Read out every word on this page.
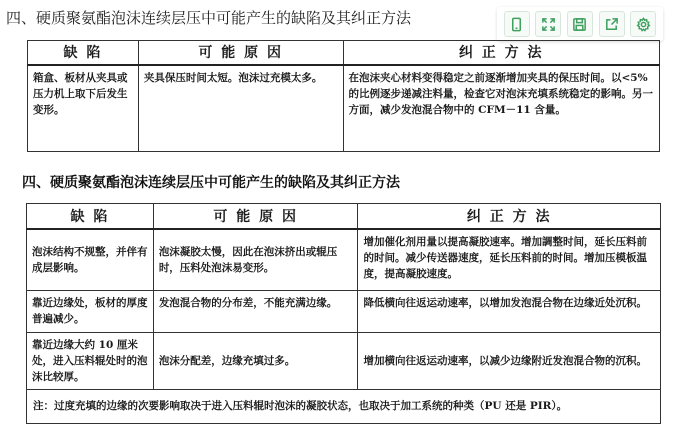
四、硬质聚氨酯泡沫连续层压中可能产生的缺陷及其纠正方法
缺 陷	可 能 原 因	纠 正 方 法
箱盒、板材从夹具或压力机上取下后发生变形。	夹具保压时间太短。泡沫过充模太多。	在泡沫夹心材料变得稳定之前逐渐增加夹具的保压时间。以<5%的比例逐步递减注料量，检查它对泡沫充填系统稳定的影响。另一方面，减少发泡混合物中的 CFM－11 含量。
四、硬质聚氨酯泡沫连续层压中可能产生的缺陷及其纠正方法
缺 陷	可 能 原 因	纠 正 方 法
泡沫结构不规整，并伴有成层影响。	泡沫凝胶太慢，因此在泡沫挤出或辊压时，压料处泡沫易变形。	增加催化剂用量以提高凝胶速率。增加調整时间，延长压料前的时间。减少传送器速度，延长压料前的时间。增加压模板温度，提高凝胶速度。
靠近边缘处，板材的厚度普遍减少。	发泡混合物的分布差，不能充满边缘。	降低横向往返运动速率，以增加发泡混合物在边缘近处沉积。
靠近边缘大约 10 厘米处，进入压料辊处时的泡沫比较厚。	泡沫分配差，边缘充填过多。	增加横向往返运动速率，以减少边缘附近发泡混合物的沉积。
注：过度充填的边缘的次要影响取决于进入压料辊时泡沫的凝胶状态，也取决于加工系统的种类（PU 还是 PIR）。		
